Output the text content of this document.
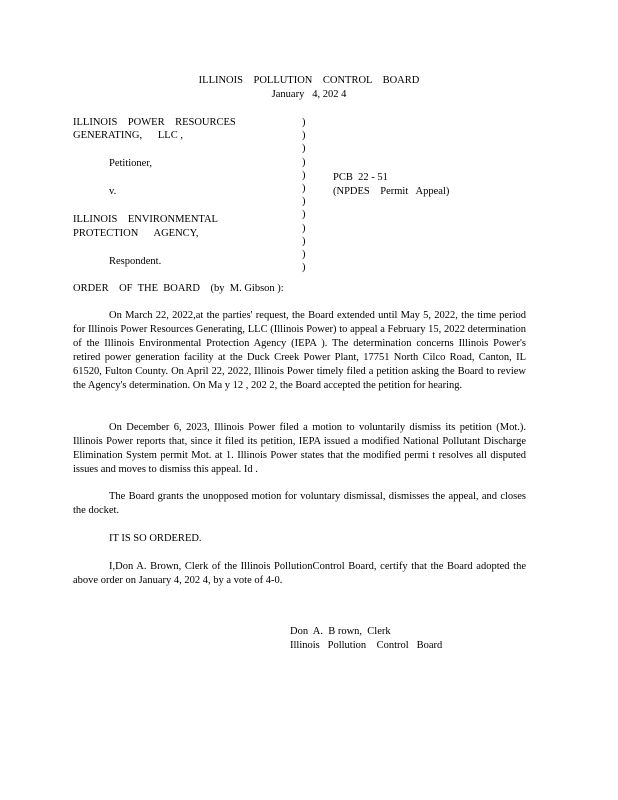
ILLINOIS    POLLUTION    CONTROL    BOARD
January   4, 202 4
ILLINOIS    POWER    RESOURCES
GENERATING,      LLC ,
Petitioner,
v.
ILLINOIS    ENVIRONMENTAL
PROTECTION      AGENCY,
Respondent.
)
)
)
)
)
)
)
)
)
)
)
)
PCB  22 - 51
(NPDES    Permit   Appeal)
ORDER    OF  THE  BOARD    (by  M. Gibson ):
On March 22, 2022,at the parties' request, the Board extended until May 5, 2022, the time period for Illinois Power Resources Generating, LLC (Illinois Power) to appeal a February 15, 2022 determination of the Illinois Environmental Protection Agency (IEPA ). The determination concerns Illinois Power's retired power generation facility at the Duck Creek Power Plant, 17751 North Cilco Road, Canton, IL 61520, Fulton County. On April 22, 2022, Illinois Power timely filed a petition asking the Board to review the Agency's determination. On Ma y 12 , 202 2, the Board accepted the petition for hearing.
On December 6, 2023, Illinois Power filed a motion to voluntarily dismiss its petition (Mot.). Illinois Power reports that, since it filed its petition, IEPA issued a modified National Pollutant Discharge Elimination System permit Mot. at 1. Illinois Power states that the modified permi t resolves all disputed issues and moves to dismiss this appeal. Id .
The Board grants the unopposed motion for voluntary dismissal, dismisses the appeal, and closes the docket.
IT IS SO ORDERED.
I,Don A. Brown, Clerk of the Illinois PollutionControl Board, certify that the Board adopted the above order on January 4, 202 4, by a vote of 4-0.
Don  A.  B rown,  Clerk
Illinois   Pollution    Control   Board
